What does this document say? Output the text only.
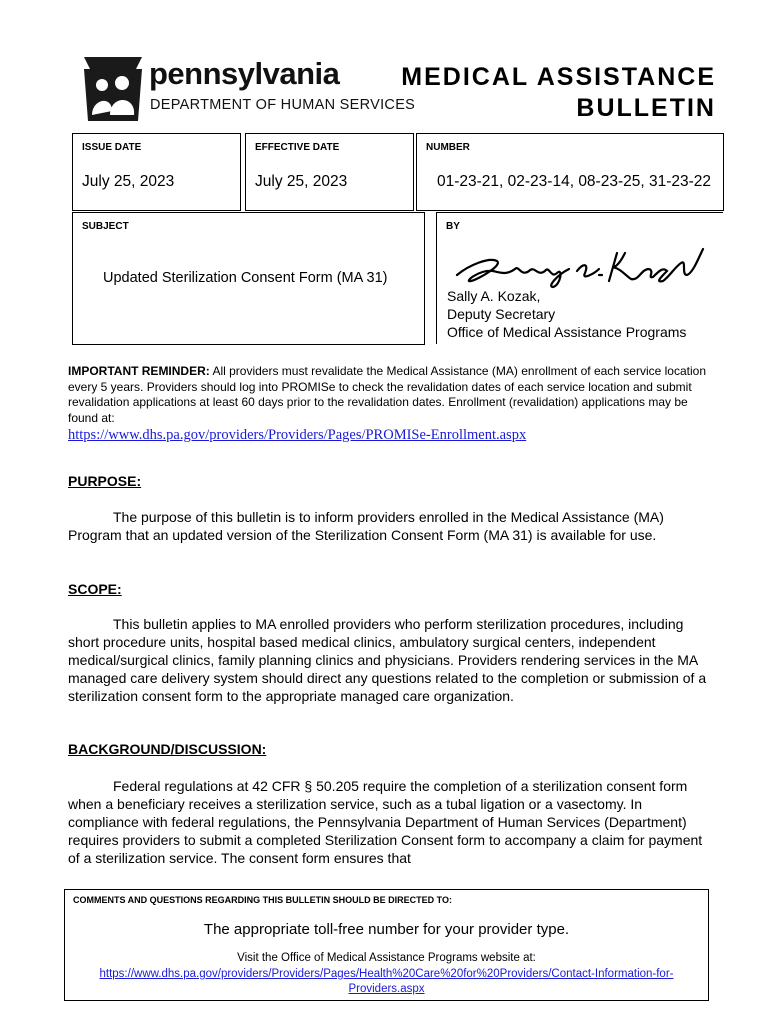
pennsylvania
DEPARTMENT OF HUMAN SERVICES
MEDICAL ASSISTANCE
BULLETIN
ISSUE DATE
July 25, 2023
EFFECTIVE DATE
July 25, 2023
NUMBER
01-23-21, 02-23-14, 08-23-25, 31-23-22
SUBJECT
Updated Sterilization Consent Form (MA 31)
BY
Sally A. Kozak,
Deputy Secretary
Office of Medical Assistance Programs
IMPORTANT REMINDER: All providers must revalidate the Medical Assistance (MA) enrollment of each service location every 5 years. Providers should log into PROMISe to check the revalidation dates of each service location and submit revalidation applications at least 60 days prior to the revalidation dates. Enrollment (revalidation) applications may be found at:
https://www.dhs.pa.gov/providers/Providers/Pages/PROMISe-Enrollment.aspx
PURPOSE:
The purpose of this bulletin is to inform providers enrolled in the Medical Assistance (MA) Program that an updated version of the Sterilization Consent Form (MA 31) is available for use.
SCOPE:
This bulletin applies to MA enrolled providers who perform sterilization procedures, including short procedure units, hospital based medical clinics, ambulatory surgical centers, independent medical/surgical clinics, family planning clinics and physicians. Providers rendering services in the MA managed care delivery system should direct any questions related to the completion or submission of a sterilization consent form to the appropriate managed care organization.
BACKGROUND/DISCUSSION:
Federal regulations at 42 CFR § 50.205 require the completion of a sterilization consent form when a beneficiary receives a sterilization service, such as a tubal ligation or a vasectomy. In compliance with federal regulations, the Pennsylvania Department of Human Services (Department) requires providers to submit a completed Sterilization Consent form to accompany a claim for payment of a sterilization service. The consent form ensures that
COMMENTS AND QUESTIONS REGARDING THIS BULLETIN SHOULD BE DIRECTED TO:
The appropriate toll-free number for your provider type.
Visit the Office of Medical Assistance Programs website at:
https://www.dhs.pa.gov/providers/Providers/Pages/Health%20Care%20for%20Providers/Contact-Information-for-Providers.aspx
